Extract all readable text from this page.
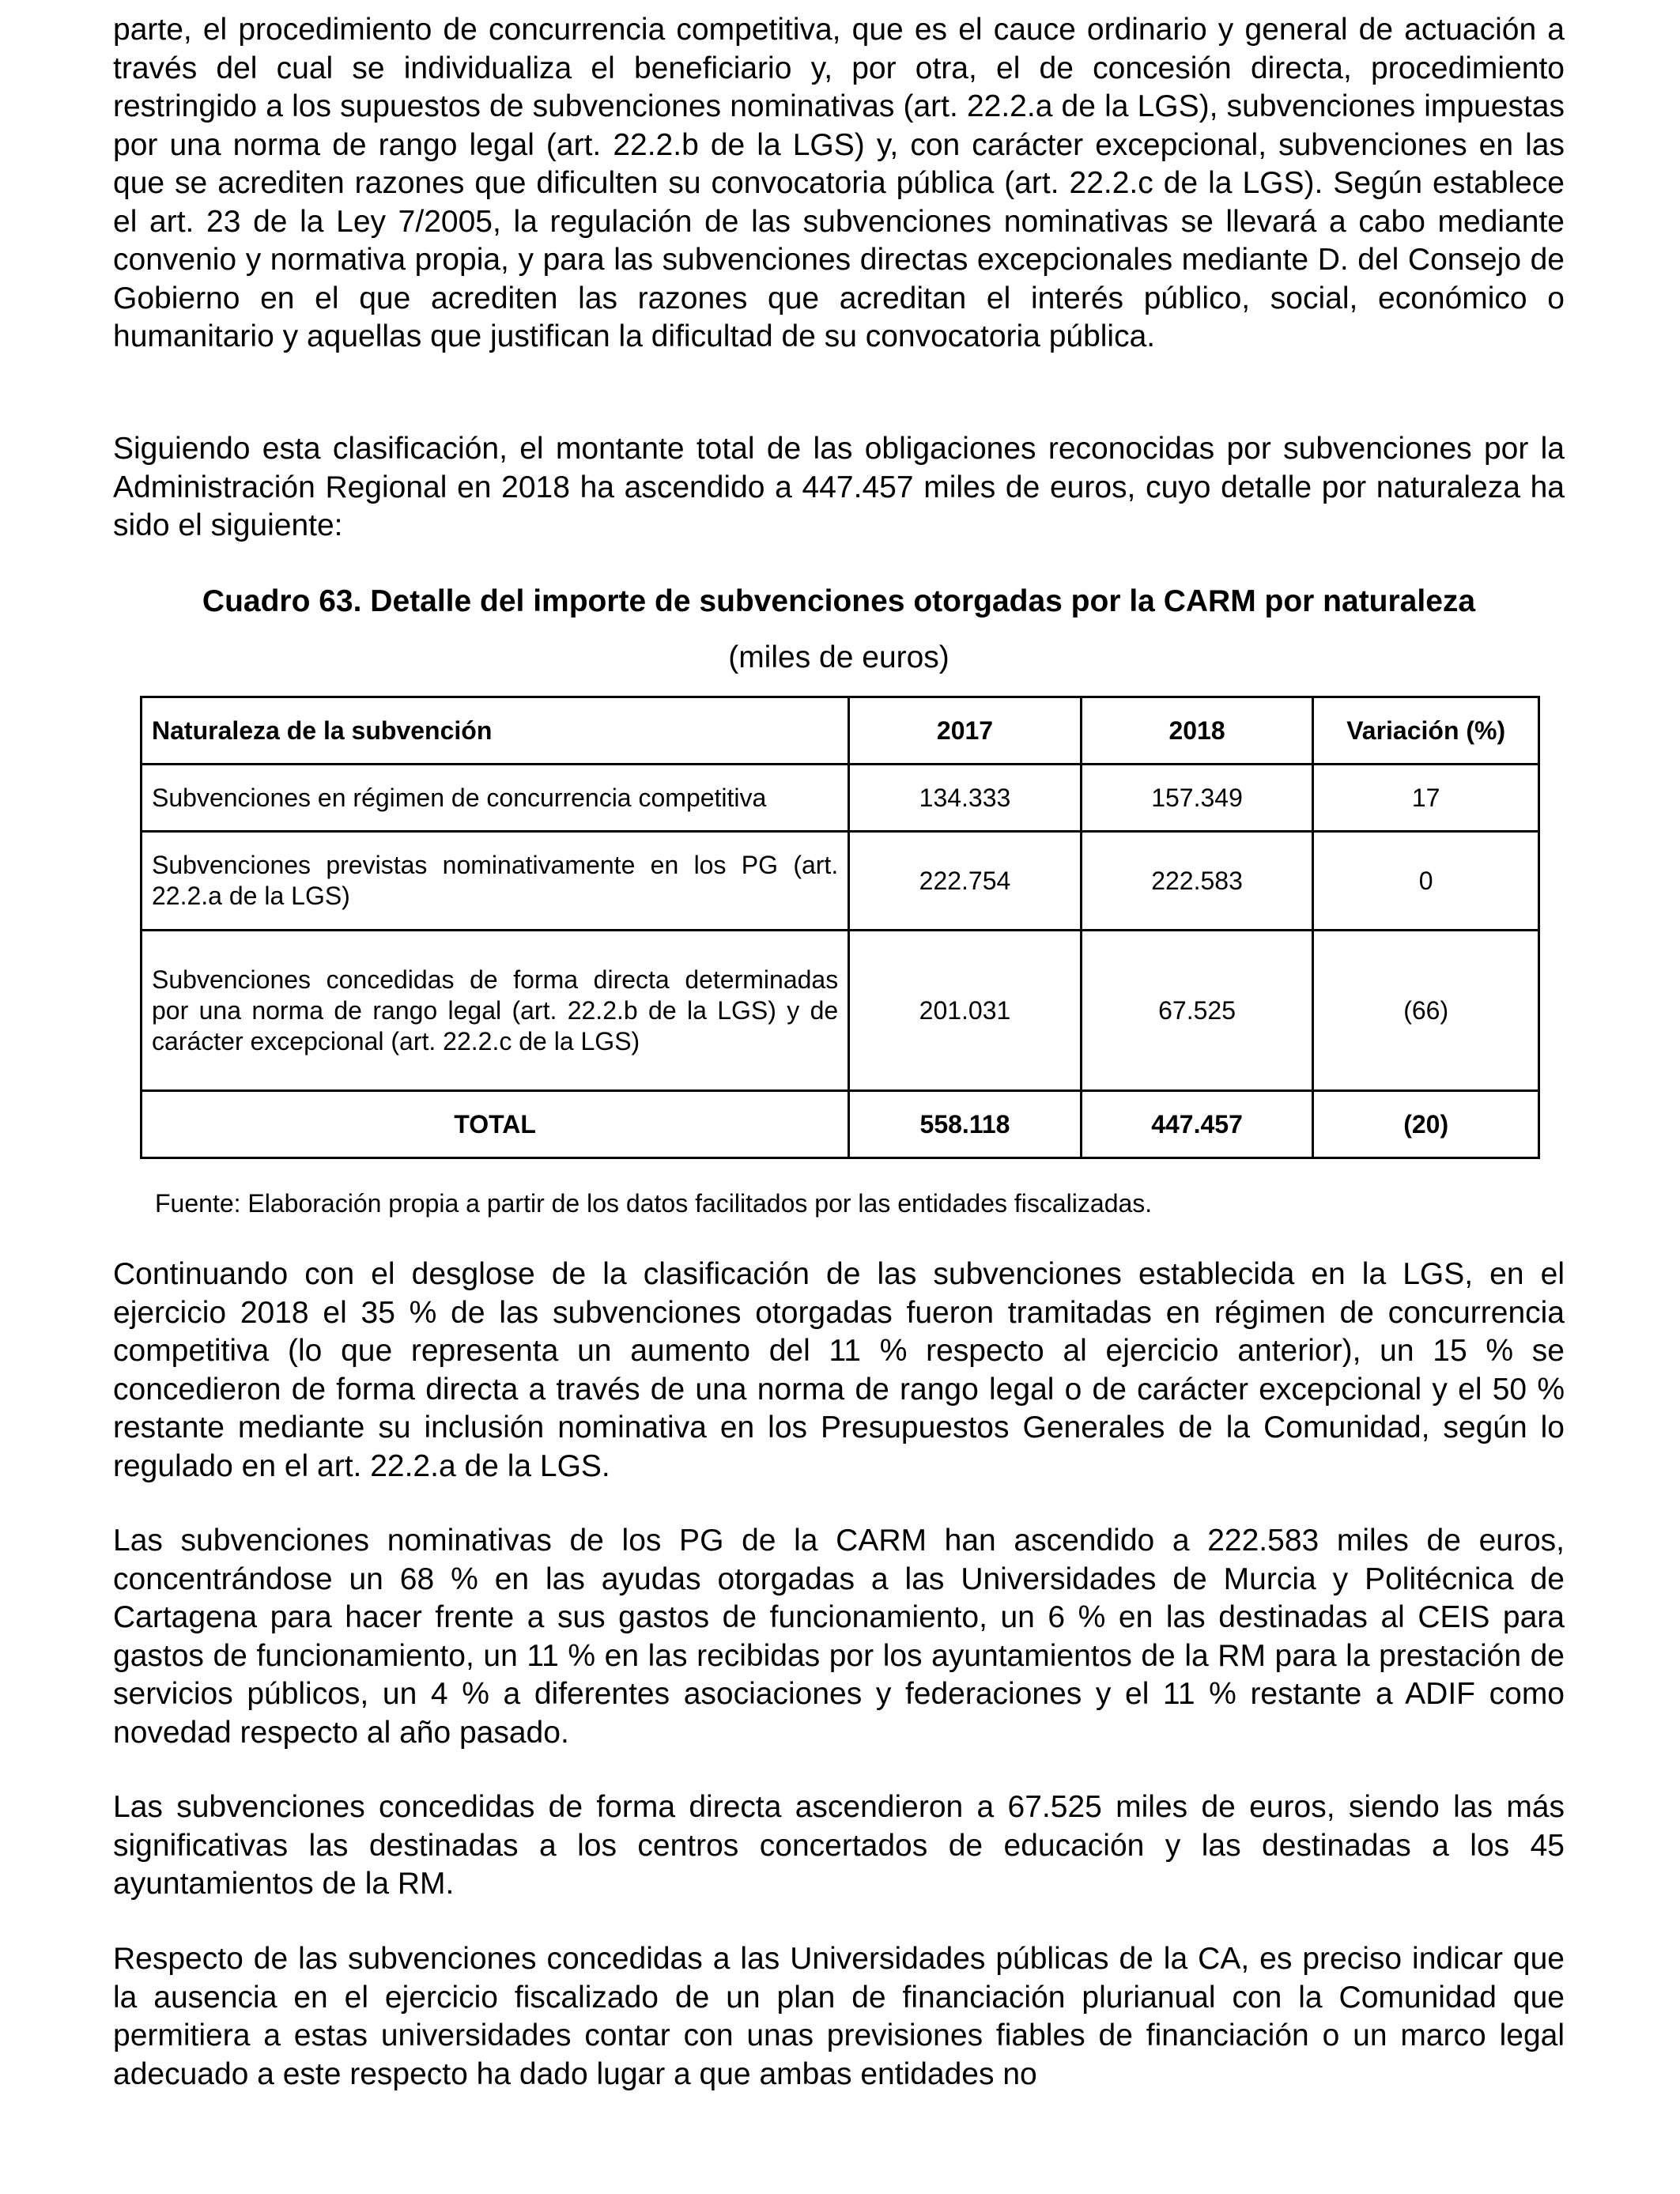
parte, el procedimiento de concurrencia competitiva, que es el cauce ordinario y general de actuación a través del cual se individualiza el beneficiario y, por otra, el de concesión directa, procedimiento restringido a los supuestos de subvenciones nominativas (art. 22.2.a de la LGS), subvenciones impuestas por una norma de rango legal (art. 22.2.b de la LGS) y, con carácter excepcional, subvenciones en las que se acrediten razones que dificulten su convocatoria pública (art. 22.2.c de la LGS). Según establece el art. 23 de la Ley 7/2005, la regulación de las subvenciones nominativas se llevará a cabo mediante convenio y normativa propia, y para las subvenciones directas excepcionales mediante D. del Consejo de Gobierno en el que acrediten las razones que acreditan el interés público, social, económico o humanitario y aquellas que justifican la dificultad de su convocatoria pública.

Siguiendo esta clasificación, el montante total de las obligaciones reconocidas por subvenciones por la Administración Regional en 2018 ha ascendido a 447.457 miles de euros, cuyo detalle por naturaleza ha sido el siguiente:

Cuadro 63. Detalle del importe de subvenciones otorgadas por la CARM por naturaleza
(miles de euros)
Naturaleza de la subvención	2017	2018	Variación (%)
Subvenciones en régimen de concurrencia competitiva	134.333	157.349	17
Subvenciones previstas nominativamente en los PG (art. 22.2.a de la LGS)	222.754	222.583	0
Subvenciones concedidas de forma directa determinadas por una norma de rango legal (art. 22.2.b de la LGS) y de carácter excepcional (art. 22.2.c de la LGS)	201.031	67.525	(66)
TOTAL	558.118	447.457	(20)
Fuente: Elaboración propia a partir de los datos facilitados por las entidades fiscalizadas.

Continuando con el desglose de la clasificación de las subvenciones establecida en la LGS, en el ejercicio 2018 el 35 % de las subvenciones otorgadas fueron tramitadas en régimen de concurrencia competitiva (lo que representa un aumento del 11 % respecto al ejercicio anterior), un 15 % se concedieron de forma directa a través de una norma de rango legal o de carácter excepcional y el 50 % restante mediante su inclusión nominativa en los Presupuestos Generales de la Comunidad, según lo regulado en el art. 22.2.a de la LGS.

Las subvenciones nominativas de los PG de la CARM han ascendido a 222.583 miles de euros, concentrándose un 68 % en las ayudas otorgadas a las Universidades de Murcia y Politécnica de Cartagena para hacer frente a sus gastos de funcionamiento, un 6 % en las destinadas al CEIS para gastos de funcionamiento, un 11 % en las recibidas por los ayuntamientos de la RM para la prestación de servicios públicos, un 4 % a diferentes asociaciones y federaciones y el 11 % restante a ADIF como novedad respecto al año pasado.

Las subvenciones concedidas de forma directa ascendieron a 67.525 miles de euros, siendo las más significativas las destinadas a los centros concertados de educación y las destinadas a los 45 ayuntamientos de la RM.

Respecto de las subvenciones concedidas a las Universidades públicas de la CA, es preciso indicar que la ausencia en el ejercicio fiscalizado de un plan de financiación plurianual con la Comunidad que permitiera a estas universidades contar con unas previsiones fiables de financiación o un marco legal adecuado a este respecto ha dado lugar a que ambas entidades no
